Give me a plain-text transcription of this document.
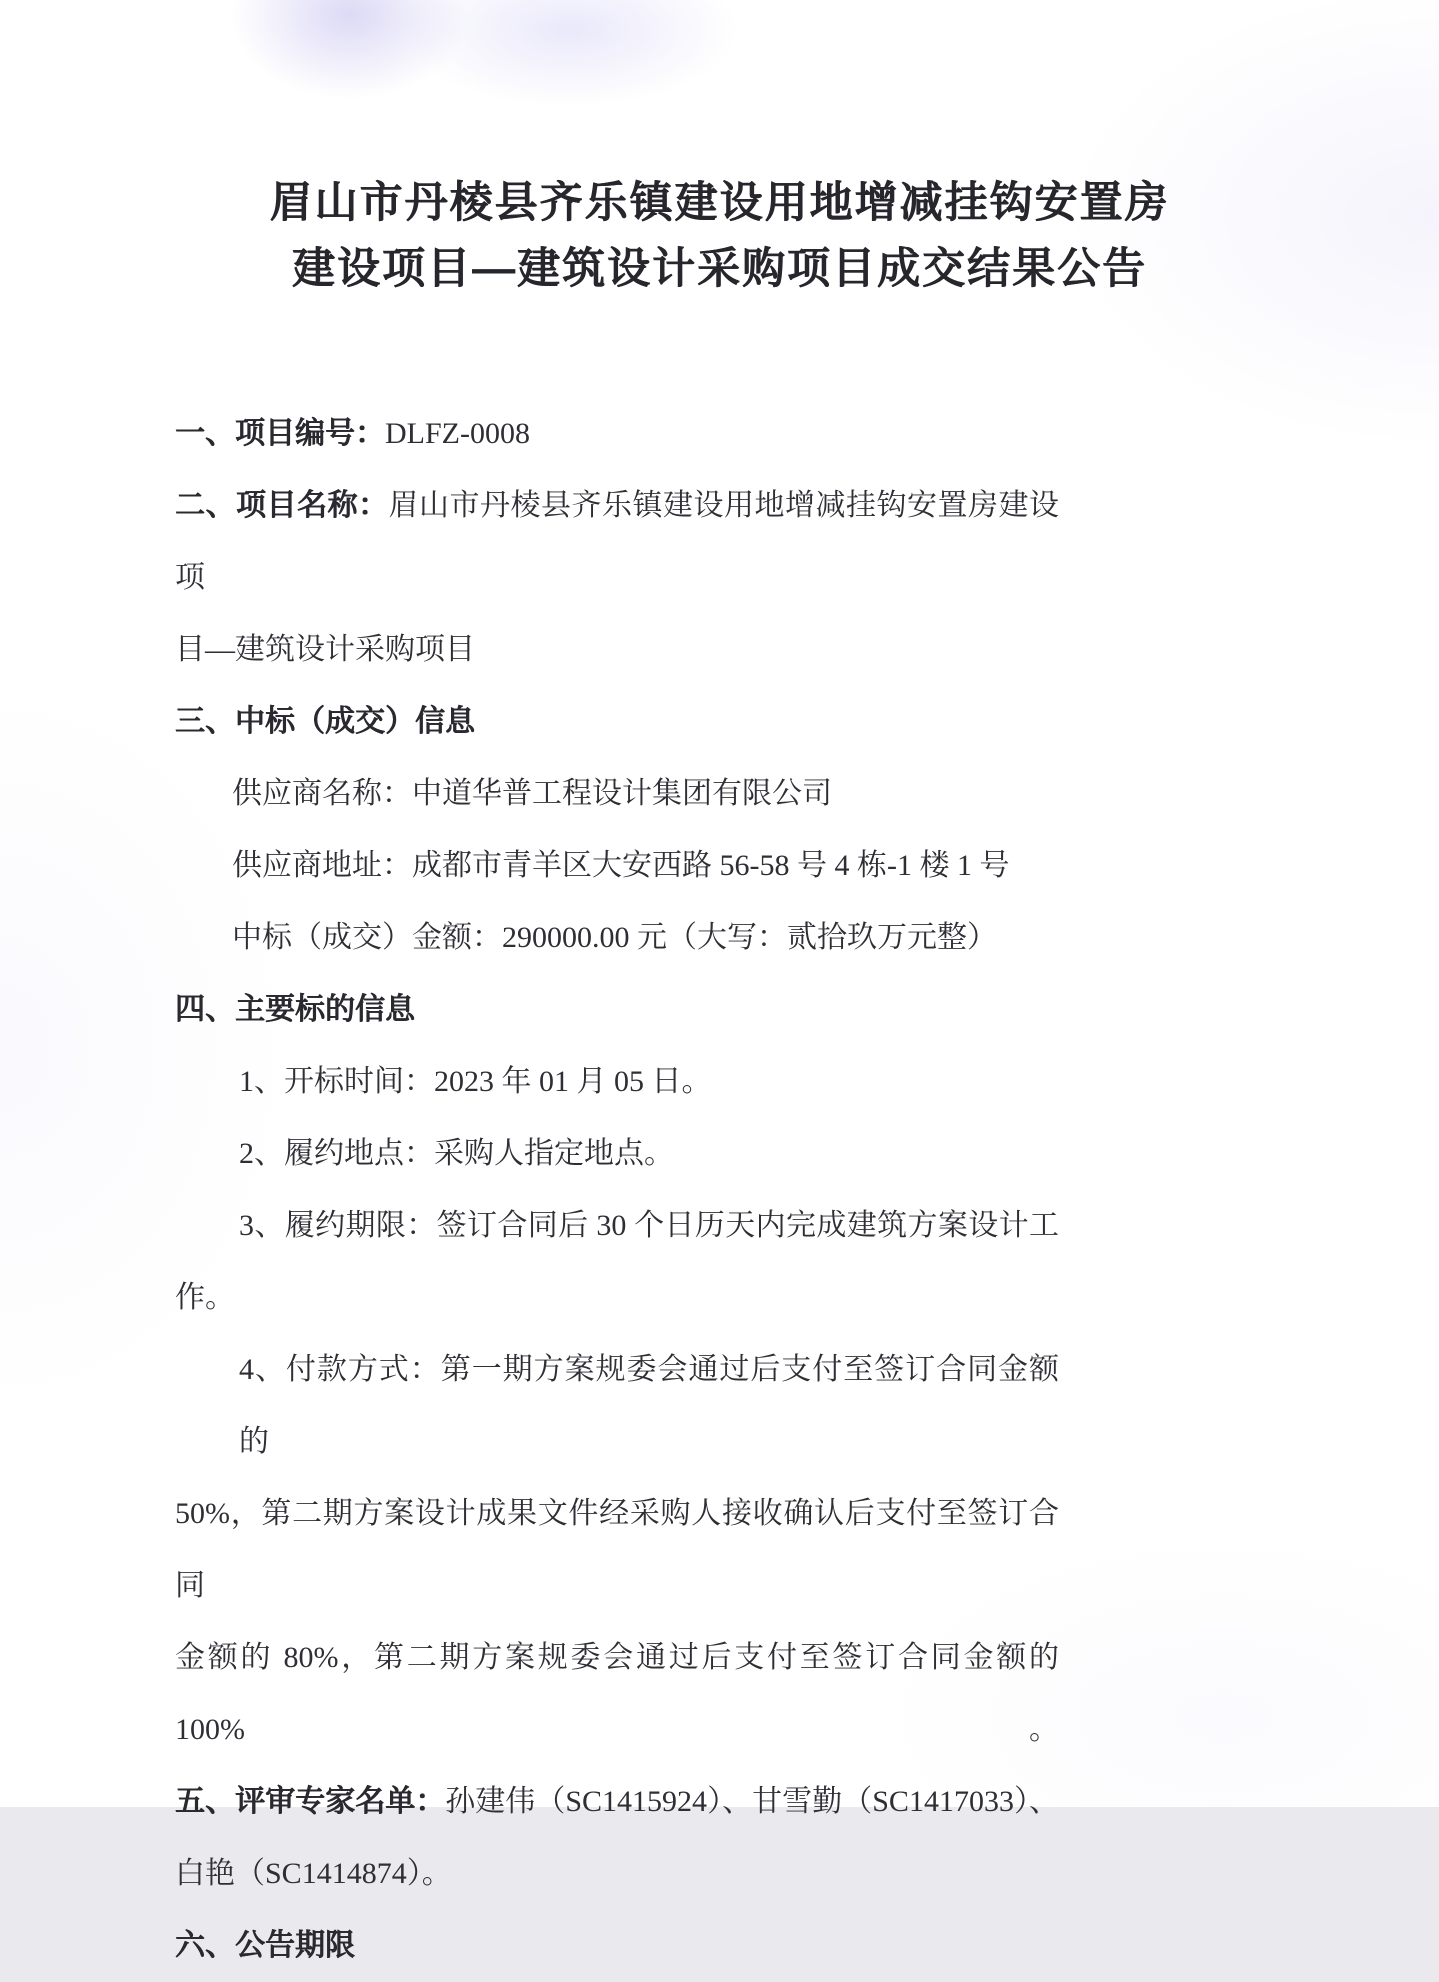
眉山市丹棱县齐乐镇建设用地增减挂钩安置房
建设项目—建筑设计采购项目成交结果公告

一、项目编号：DLFZ-0008

二、项目名称：眉山市丹棱县齐乐镇建设用地增减挂钩安置房建设项

目—建筑设计采购项目

三、中标（成交）信息

供应商名称：中道华普工程设计集团有限公司

供应商地址：成都市青羊区大安西路 56-58 号 4 栋-1 楼 1 号

中标（成交）金额：290000.00 元（大写：贰拾玖万元整）

四、主要标的信息

1、开标时间：2023 年 01 月 05 日。

2、履约地点：采购人指定地点。

3、履约期限：签订合同后 30 个日历天内完成建筑方案设计工

作。

4、付款方式：第一期方案规委会通过后支付至签订合同金额的

50%，第二期方案设计成果文件经采购人接收确认后支付至签订合同

金额的 80%，第二期方案规委会通过后支付至签订合同金额的 100%。

五、评审专家名单：孙建伟（SC1415924）、甘雪勤（SC1417033）、

白艳（SC1414874）。

六、公告期限
